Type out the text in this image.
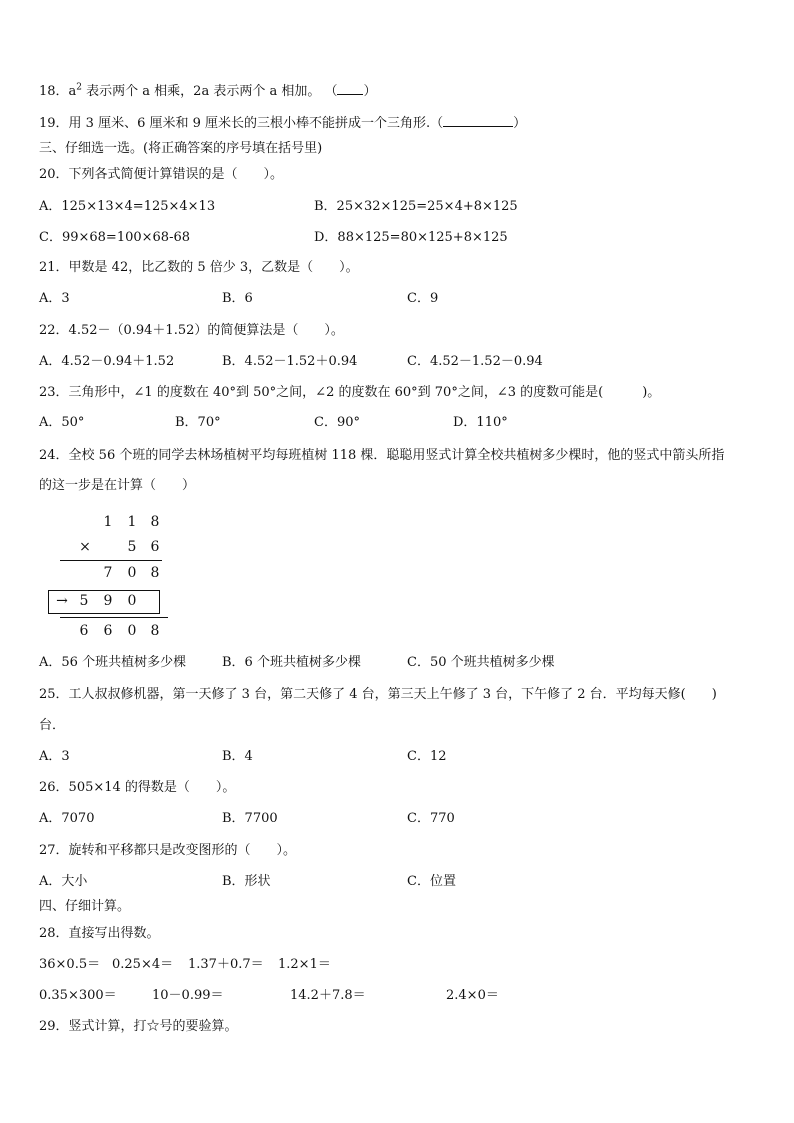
18．$a^2$ 表示两个 a 相乘，2a 表示两个 a 相加。 （ ）
19．用 3 厘米、6 厘米和 9 厘米长的三根小棒不能拼成一个三角形.（	）
三、仔细选一选。(将正确答案的序号填在括号里)
20．下列各式简便计算错误的是（　　）。
A．125×13×4=125×4×13	B．25×32×125=25×4+8×125
C．99×68=100×68-68	D．88×125=80×125+8×125
21．甲数是 42，比乙数的 5 倍少 3，乙数是（　　）。
A．3	B．6	C．9
22．4.52－（0.94＋1.52）的简便算法是（　　）。
A．4.52－0.94＋1.52	B．4.52－1.52＋0.94	C．4.52－1.52－0.94
23．三角形中，∠1 的度数在 40°到 50°之间，∠2 的度数在 60°到 70°之间，∠3 的度数可能是(　　　)。
A．50°	B．70°	C．90°	D．110°
24．全校 56 个班的同学去林场植树平均每班植树 118 棵．聪聪用竖式计算全校共植树多少棵时，他的竖式中箭头所指
的这一步是在计算（　　）
1 1 8
×	5 6
7 0 8
→ 5 9 0
6 6 0 8
A．56 个班共植树多少棵	B．6 个班共植树多少棵	C．50 个班共植树多少棵
25．工人叔叔修机器，第一天修了 3 台，第二天修了 4 台，第三天上午修了 3 台，下午修了 2 台．平均每天修(　　)
台．
A．3	B．4	C．12
26．505×14 的得数是（　　）。
A．7070	B．7700	C．770
27．旋转和平移都只是改变图形的（　　）。
A．大小	B．形状	C．位置
四、仔细计算。
28．直接写出得数。
36×0.5＝ 0.25×4＝ 1.37＋0.7＝ 1.2×1＝
0.35×300＝	10－0.99＝	14.2＋7.8＝	2.4×0＝
29．竖式计算，打☆号的要验算。
